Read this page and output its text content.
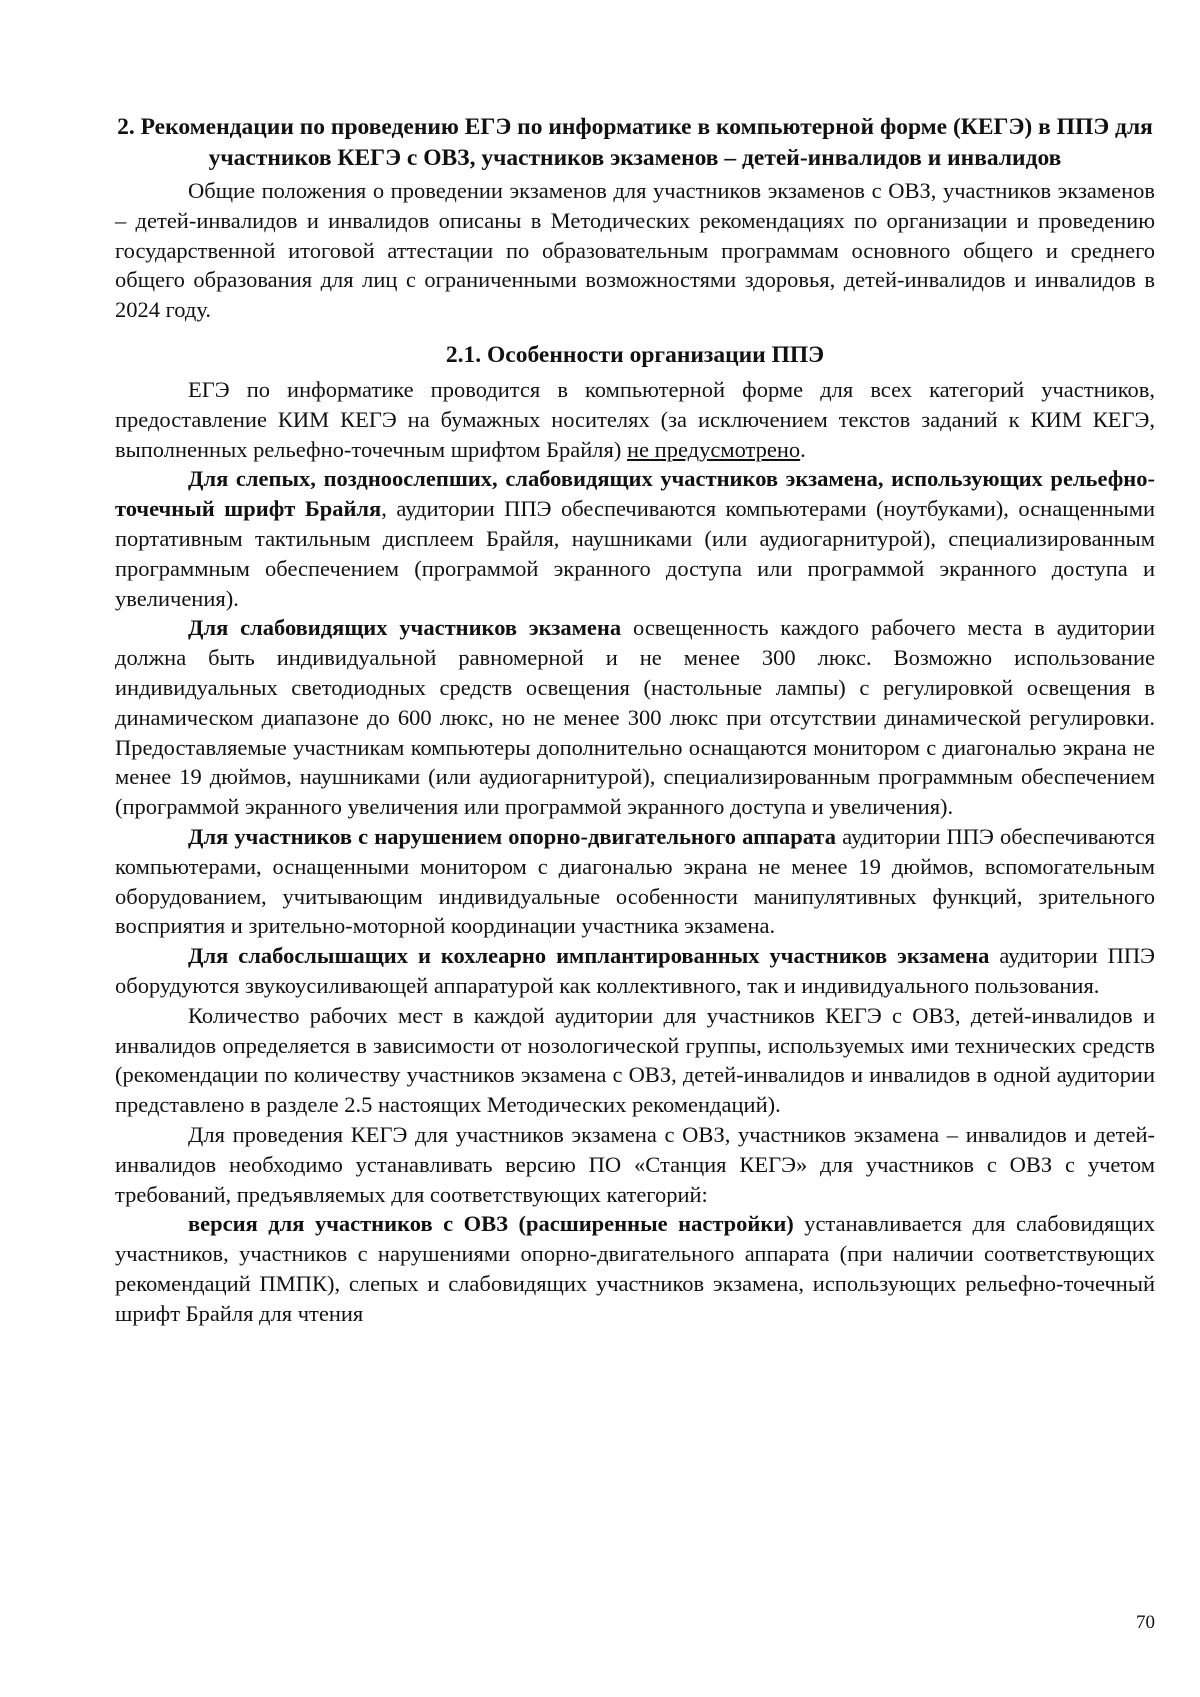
2. Рекомендации по проведению ЕГЭ по информатике в компьютерной форме (КЕГЭ) в ППЭ для участников КЕГЭ с ОВЗ, участников экзаменов – детей-инвалидов и инвалидов

Общие положения о проведении экзаменов для участников экзаменов с ОВЗ, участников экзаменов – детей-инвалидов и инвалидов описаны в Методических рекомендациях по организации и проведению государственной итоговой аттестации по образовательным программам основного общего и среднего общего образования для лиц с ограниченными возможностями здоровья, детей-инвалидов и инвалидов в 2024 году.

2.1. Особенности организации ППЭ

ЕГЭ по информатике проводится в компьютерной форме для всех категорий участников, предоставление КИМ КЕГЭ на бумажных носителях (за исключением текстов заданий к КИМ КЕГЭ, выполненных рельефно-точечным шрифтом Брайля) не предусмотрено.

Для слепых, поздноослепших, слабовидящих участников экзамена, использующих рельефно-точечный шрифт Брайля, аудитории ППЭ обеспечиваются компьютерами (ноутбуками), оснащенными портативным тактильным дисплеем Брайля, наушниками (или аудиогарнитурой), специализированным программным обеспечением (программой экранного доступа или программой экранного доступа и увеличения).

Для слабовидящих участников экзамена освещенность каждого рабочего места в аудитории должна быть индивидуальной равномерной и не менее 300 люкс. Возможно использование индивидуальных светодиодных средств освещения (настольные лампы) с регулировкой освещения в динамическом диапазоне до 600 люкс, но не менее 300 люкс при отсутствии динамической регулировки. Предоставляемые участникам компьютеры дополнительно оснащаются монитором с диагональю экрана не менее 19 дюймов, наушниками (или аудиогарнитурой), специализированным программным обеспечением (программой экранного увеличения или программой экранного доступа и увеличения).

Для участников с нарушением опорно-двигательного аппарата аудитории ППЭ обеспечиваются компьютерами, оснащенными монитором с диагональю экрана не менее 19 дюймов, вспомогательным оборудованием, учитывающим индивидуальные особенности манипулятивных функций, зрительного восприятия и зрительно-моторной координации участника экзамена.

Для слабослышащих и кохлеарно имплантированных участников экзамена аудитории ППЭ оборудуются звукоусиливающей аппаратурой как коллективного, так и индивидуального пользования.

Количество рабочих мест в каждой аудитории для участников КЕГЭ с ОВЗ, детей-инвалидов и инвалидов определяется в зависимости от нозологической группы, используемых ими технических средств (рекомендации по количеству участников экзамена с ОВЗ, детей-инвалидов и инвалидов в одной аудитории представлено в разделе 2.5 настоящих Методических рекомендаций).

Для проведения КЕГЭ для участников экзамена с ОВЗ, участников экзамена – инвалидов и детей-инвалидов необходимо устанавливать версию ПО «Станция КЕГЭ» для участников с ОВЗ с учетом требований, предъявляемых для соответствующих категорий:

версия для участников с ОВЗ (расширенные настройки) устанавливается для слабовидящих участников, участников с нарушениями опорно-двигательного аппарата (при наличии соответствующих рекомендаций ПМПК), слепых и слабовидящих участников экзамена, использующих рельефно-точечный шрифт Брайля для чтения

70
